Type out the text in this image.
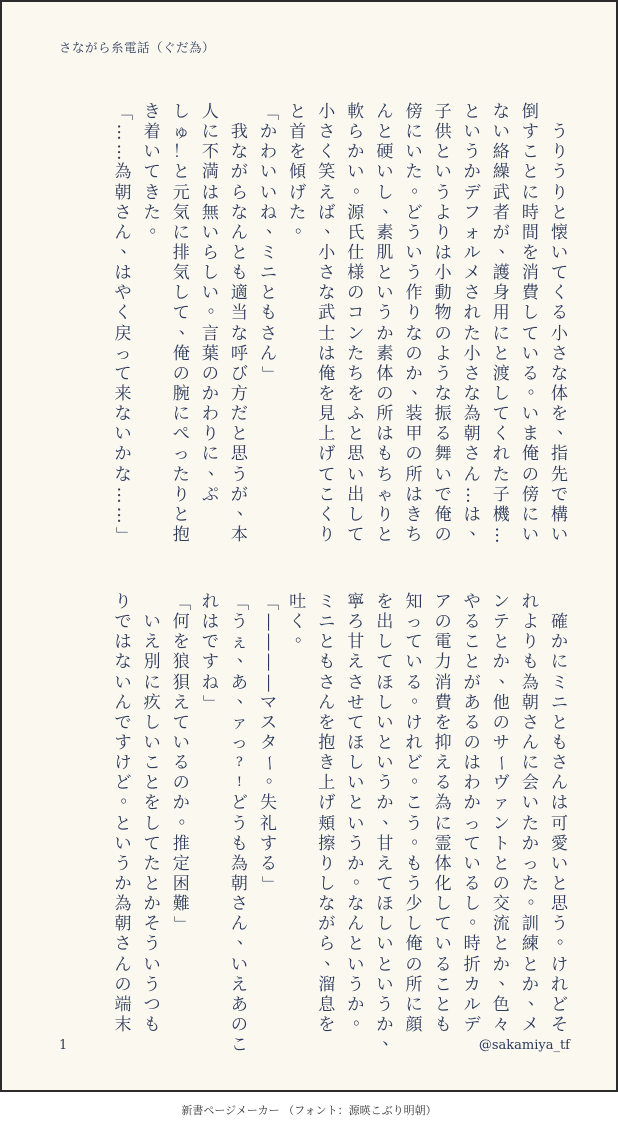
さながら糸電話（ぐだ為）

う
り
う
り
と
懐
い
て
く
る
小
さ
な
体
を
、
指
先
で
構
い
倒
す
こ
と
に
時
間
を
消
費
し
て
い
る
。
い
ま
俺
の
傍
に
い
な
い
絡
繰
武
者
が
、
護
身
用
に
と
渡
し
て
く
れ
た
子
機
…
と
い
う
か
デ
フ
ォ
ル
メ
さ
れ
た
小
さ
な
為
朝
さ
ん
…
は
、
子
供
と
い
う
よ
り
は
小
動
物
の
よ
う
な
振
る
舞
い
で
俺
の
傍
に
い
た
。
ど
う
い
う
作
り
な
の
か
、
装
甲
の
所
は
き
ち
ん
と
硬
い
し
、
素
肌
と
い
う
か
素
体
の
所
は
も
ち
ゃ
り
と
軟
ら
か
い
。
源
氏
仕
様
の
コ
ン
た
ち
を
ふ
と
思
い
出
し
て
小
さ
く
笑
え
ば
、
小
さ
な
武
士
は
俺
を
見
上
げ
て
こ
く
り
と
首
を
傾
げ
た
。
「
か
わ
い
い
ね
、
ミ
ニ
と
も
さ
ん
」

我
な
が
ら
な
ん
と
も
適
当
な
呼
び
方
だ
と
思
う
が
、
本
人
に
不
満
は
無
い
ら
し
い
。
言
葉
の
か
わ
り
に
、
ぷ
し
ゅ
！
と
元
気
に
排
気
し
て
、
俺
の
腕
に
ぺ
っ
た
り
と
抱
き
着
い
て
き
た
。
「
…
…
為
朝
さ
ん
、
は
や
く
戻
っ
て
来
な
い
か
な
…
…
」

確
か
に
ミ
ニ
と
も
さ
ん
は
可
愛
い
と
思
う
。
け
れ
ど
そ
れ
よ
り
も
為
朝
さ
ん
に
会
い
た
か
っ
た
。
訓
練
と
か
、
メ
ン
テ
と
か
、
他
の
サ
ー
ヴ
ァ
ン
ト
と
の
交
流
と
か
、
色
々
や
る
こ
と
が
あ
る
の
は
わ
か
っ
て
い
る
し
。
時
折
カ
ル
デ
ア
の
電
力
消
費
を
抑
え
る
為
に
霊
体
化
し
て
い
る
こ
と
も
知
っ
て
い
る
。
け
れ
ど
。
こ
う
。
も
う
少
し
俺
の
所
に
顔
を
出
し
て
ほ
し
い
と
い
う
か
、
甘
え
て
ほ
し
い
と
い
う
か
、
寧
ろ
甘
え
さ
せ
て
ほ
し
い
と
い
う
か
。
な
ん
と
い
う
か
。
ミ
ニ
と
も
さ
ん
を
抱
き
上
げ
頬
擦
り
し
な
が
ら
、
溜
息
を
吐
く
。
「
―
―
―
―
マ
ス
タ
ー
。
失
礼
す
る
」
「
う
ぇ
、
あ
、
ァ
っ
?
!
ど
う
も
為
朝
さ
ん
、
い
え
あ
の
こ
れ
は
で
す
ね
」
「
何
を
狼
狽
え
て
い
る
の
か
。
推
定
困
難
」

い
え
別
に
疚
し
い
こ
と
を
し
て
た
と
か
そ
う
い
う
つ
も
り
で
は
な
い
ん
で
す
け
ど
。
と
い
う
か
為
朝
さ
ん
の
端
末
1	@sakamiya_tf
新書ページメーカー （フォント：源暎こぶり明朝）
